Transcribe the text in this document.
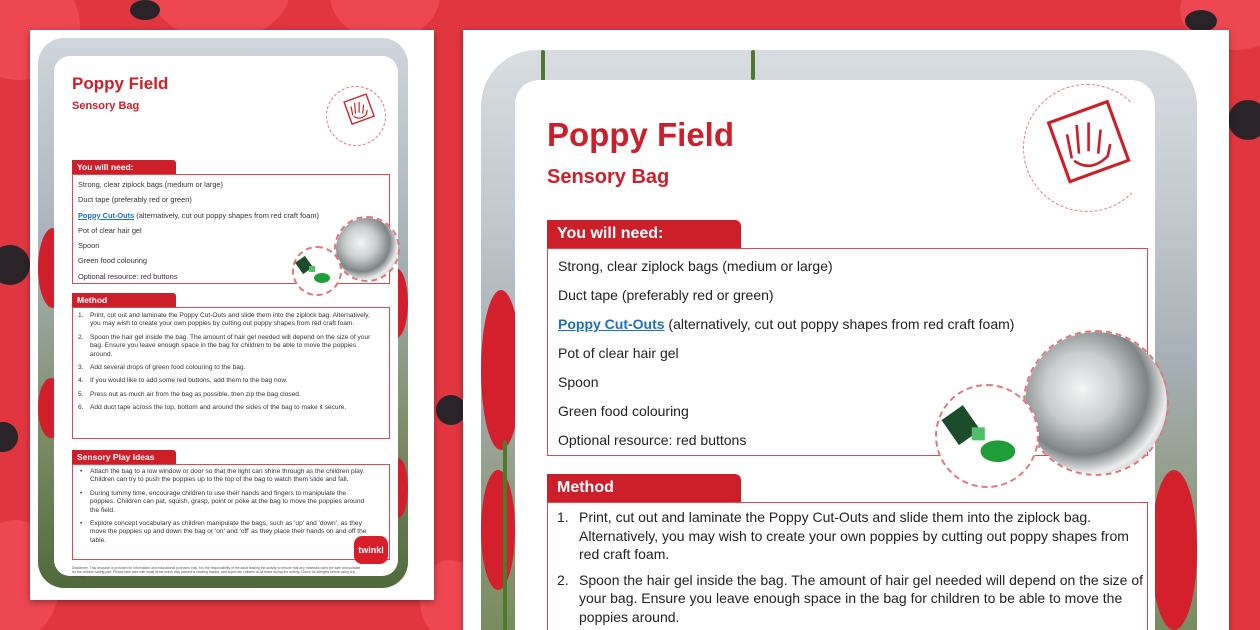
Poppy Field
Sensory Bag
You will need:
Strong, clear ziplock bags (medium or large)
Duct tape (preferably red or green)
Poppy Cut-Outs (alternatively, cut out poppy shapes from red craft foam)
Pot of clear hair gel
Spoon
Green food colouring
Optional resource: red buttons
Method
1. Print, cut out and laminate the Poppy Cut-Outs and slide them into the ziplock bag. Alternatively, you may wish to create your own poppies by cutting out poppy shapes from red craft foam.
2. Spoon the hair gel inside the bag. The amount of hair gel needed will depend on the size of your bag. Ensure you leave enough space in the bag for children to be able to move the poppies around.
3. Add several drops of green food colouring to the bag.
4. If you would like to add some red buttons, add them to the bag now.
5. Press out as much air from the bag as possible, then zip the bag closed.
6. Add duct tape across the top, bottom and around the sides of the bag to make it secure.
Sensory Play Ideas
• Attach the bag to a low window or door so that the light can shine through as the children play. Children can try to push the poppies up to the top of the bag to watch them slide and fall.
• During tummy time, encourage children to use their hands and fingers to manipulate the poppies. Children can pat, squish, grasp, point or poke at the bag to move the poppies around the field.
• Explore concept vocabulary as children manipulate the bags, such as 'up' and 'down', as they move the poppies up and down the bag or 'on' and 'off' as they place their hands on and off the table.
Disclaimer: This resource is provided for information and educational purposes only. It is the responsibility of the adult leading the activity to ensure that any materials used are safe and suitable for the children taking part. Please take care with small items which may present a choking hazard, and supervise children at all times during the activity. Check for allergies before using any materials.
twinkl
Poppy Field
Sensory Bag
You will need:
Strong, clear ziplock bags (medium or large)
Duct tape (preferably red or green)
Poppy Cut-Outs (alternatively, cut out poppy shapes from red craft foam)
Pot of clear hair gel
Spoon
Green food colouring
Optional resource: red buttons
Method
1. Print, cut out and laminate the Poppy Cut-Outs and slide them into the ziplock bag. Alternatively, you may wish to create your own poppies by cutting out poppy shapes from red craft foam.
2. Spoon the hair gel inside the bag. The amount of hair gel needed will depend on the size of your bag. Ensure you leave enough space in the bag for children to be able to move the poppies around.
